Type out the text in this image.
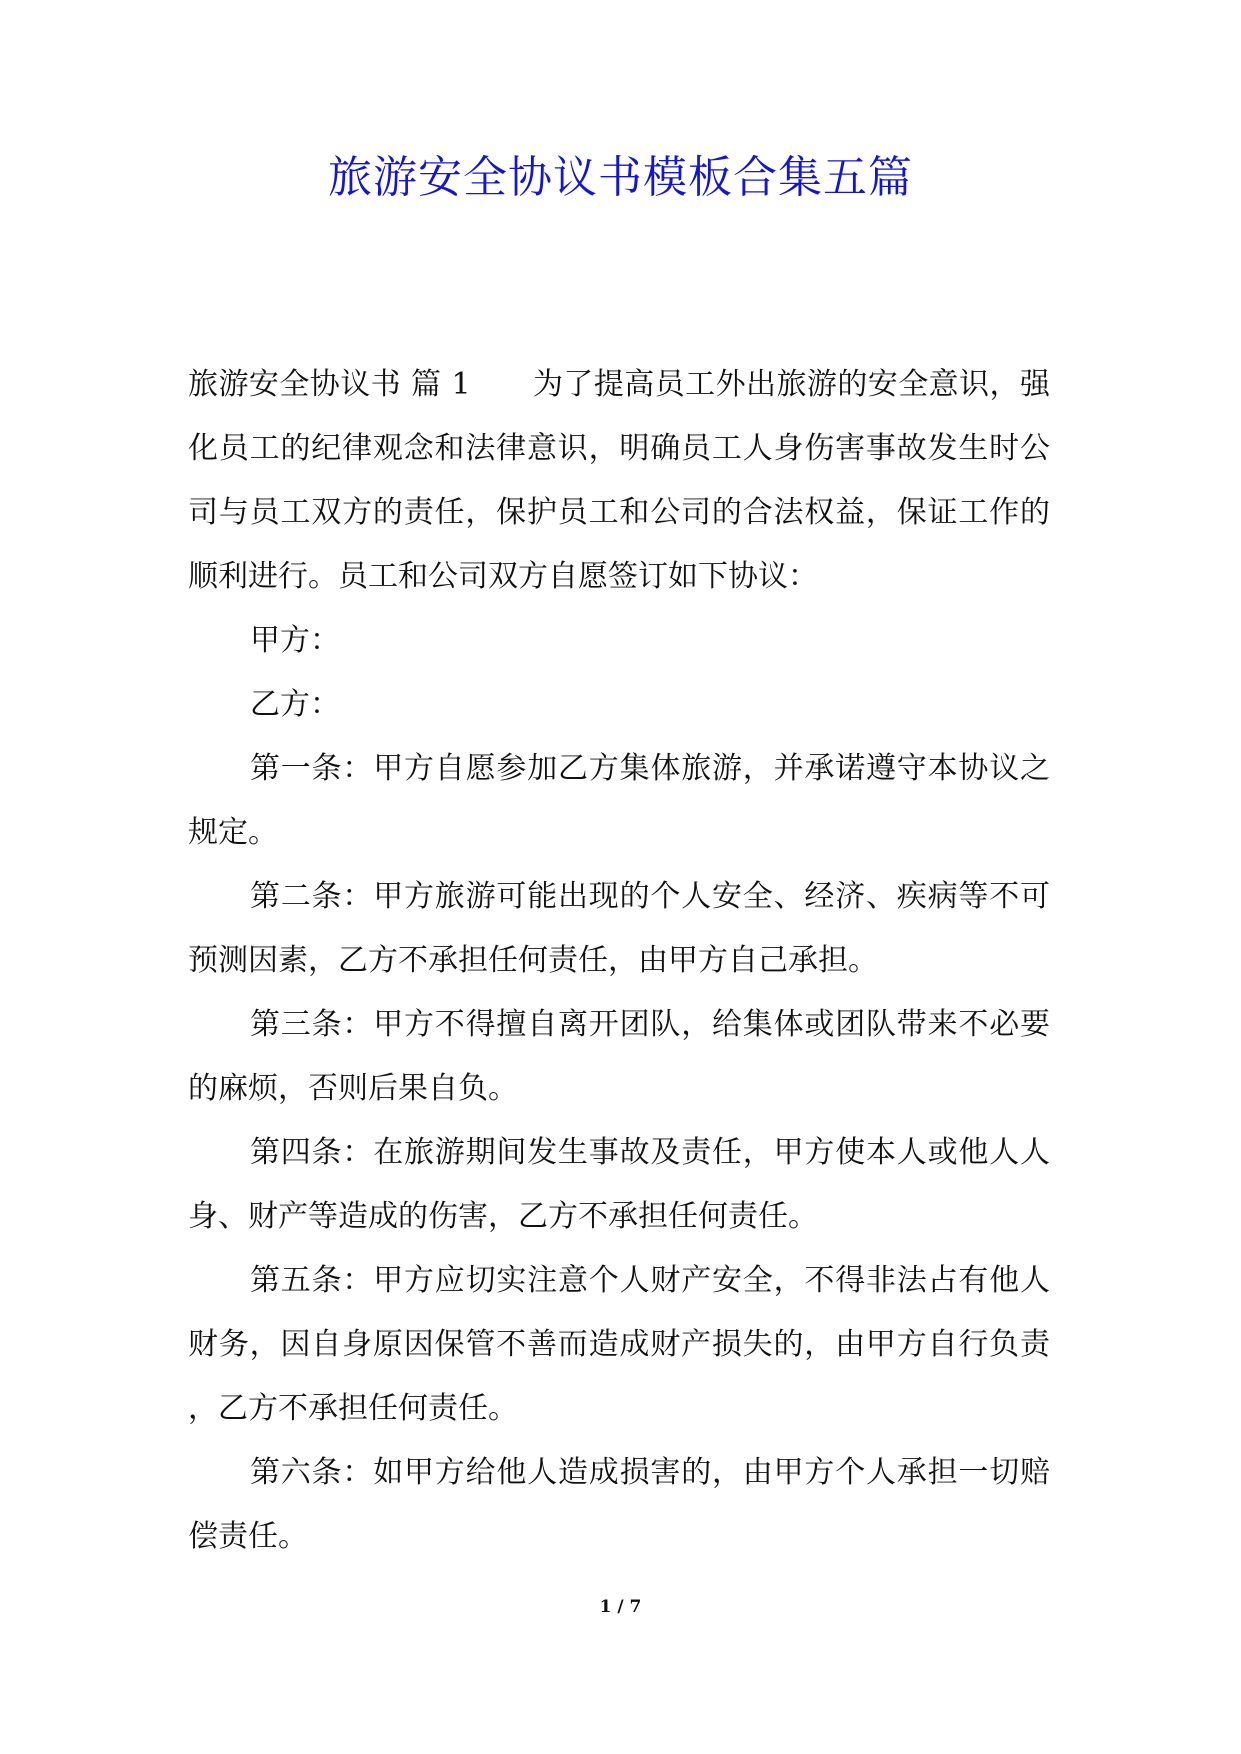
旅游安全协议书模板合集五篇

旅游安全协议书 篇 1 为了提高员工外出旅游的安全意识，强化员工的纪律观念和法律意识，明确员工人身伤害事故发生时公司与员工双方的责任，保护员工和公司的合法权益，保证工作的顺利进行。员工和公司双方自愿签订如下协议：

甲方：

乙方：

第一条：甲方自愿参加乙方集体旅游，并承诺遵守本协议之规定。

第二条：甲方旅游可能出现的个人安全、经济、疾病等不可预测因素，乙方不承担任何责任，由甲方自己承担。

第三条：甲方不得擅自离开团队，给集体或团队带来不必要的麻烦，否则后果自负。

第四条：在旅游期间发生事故及责任，甲方使本人或他人人身、财产等造成的伤害，乙方不承担任何责任。

第五条：甲方应切实注意个人财产安全，不得非法占有他人财务，因自身原因保管不善而造成财产损失的，由甲方自行负责 ，乙方不承担任何责任。

第六条：如甲方给他人造成损害的，由甲方个人承担一切赔偿责任。

1 / 7
